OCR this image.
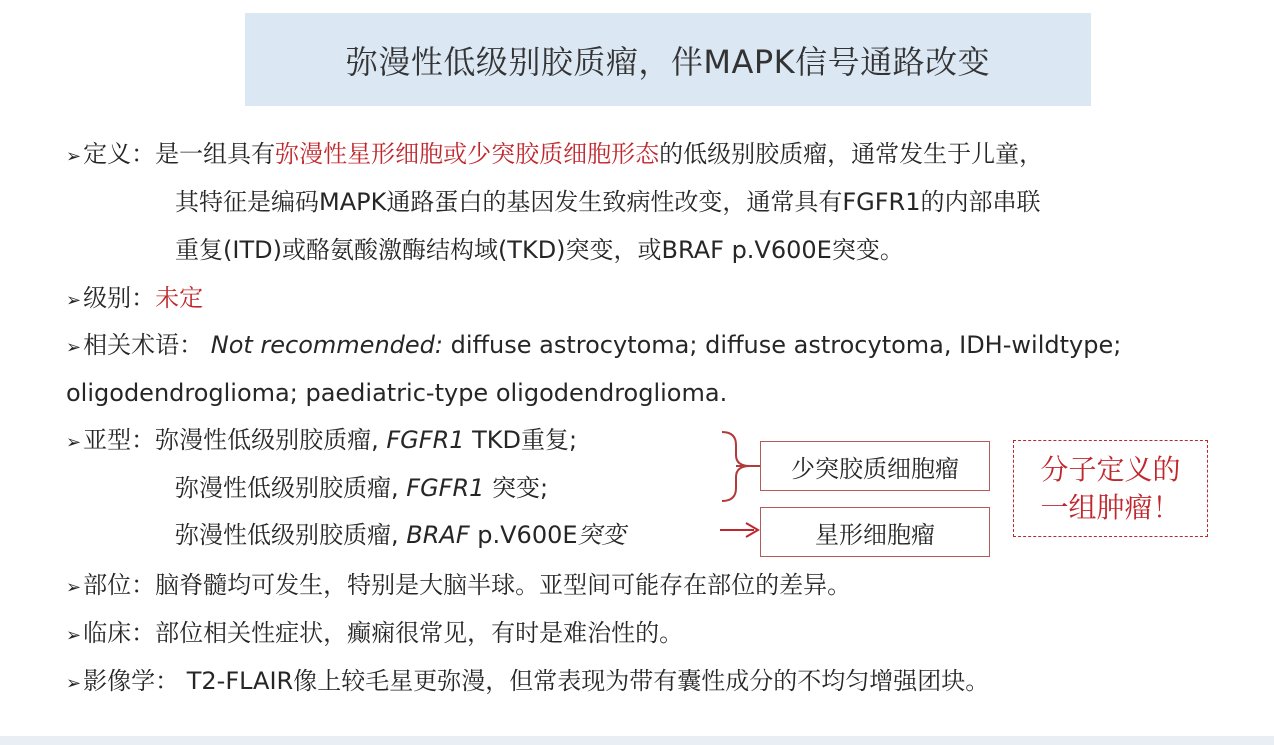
弥漫性低级别胶质瘤，伴MAPK信号通路改变
➢定义：是一组具有弥漫性星形细胞或少突胶质细胞形态的低级别胶质瘤，通常发生于儿童，
其特征是编码MAPK通路蛋白的基因发生致病性改变，通常具有FGFR1的内部串联
重复(ITD)或酪氨酸激酶结构域(TKD)突变，或BRAF p.V600E突变。
➢级别：未定
➢相关术语： Not recommended: diffuse astrocytoma; diffuse astrocytoma, IDH-wildtype;
oligodendroglioma; paediatric-type oligodendroglioma.
➢亚型：弥漫性低级别胶质瘤, FGFR1 TKD重复;
弥漫性低级别胶质瘤, FGFR1 突变;
弥漫性低级别胶质瘤, BRAF p.V600E突变
少突胶质细胞瘤
星形细胞瘤
分子定义的
一组肿瘤！
➢部位：脑脊髓均可发生，特别是大脑半球。亚型间可能存在部位的差异。
➢临床：部位相关性症状，癫痫很常见，有时是难治性的。
➢影像学： T2-FLAIR像上较毛星更弥漫，但常表现为带有囊性成分的不均匀增强团块。
